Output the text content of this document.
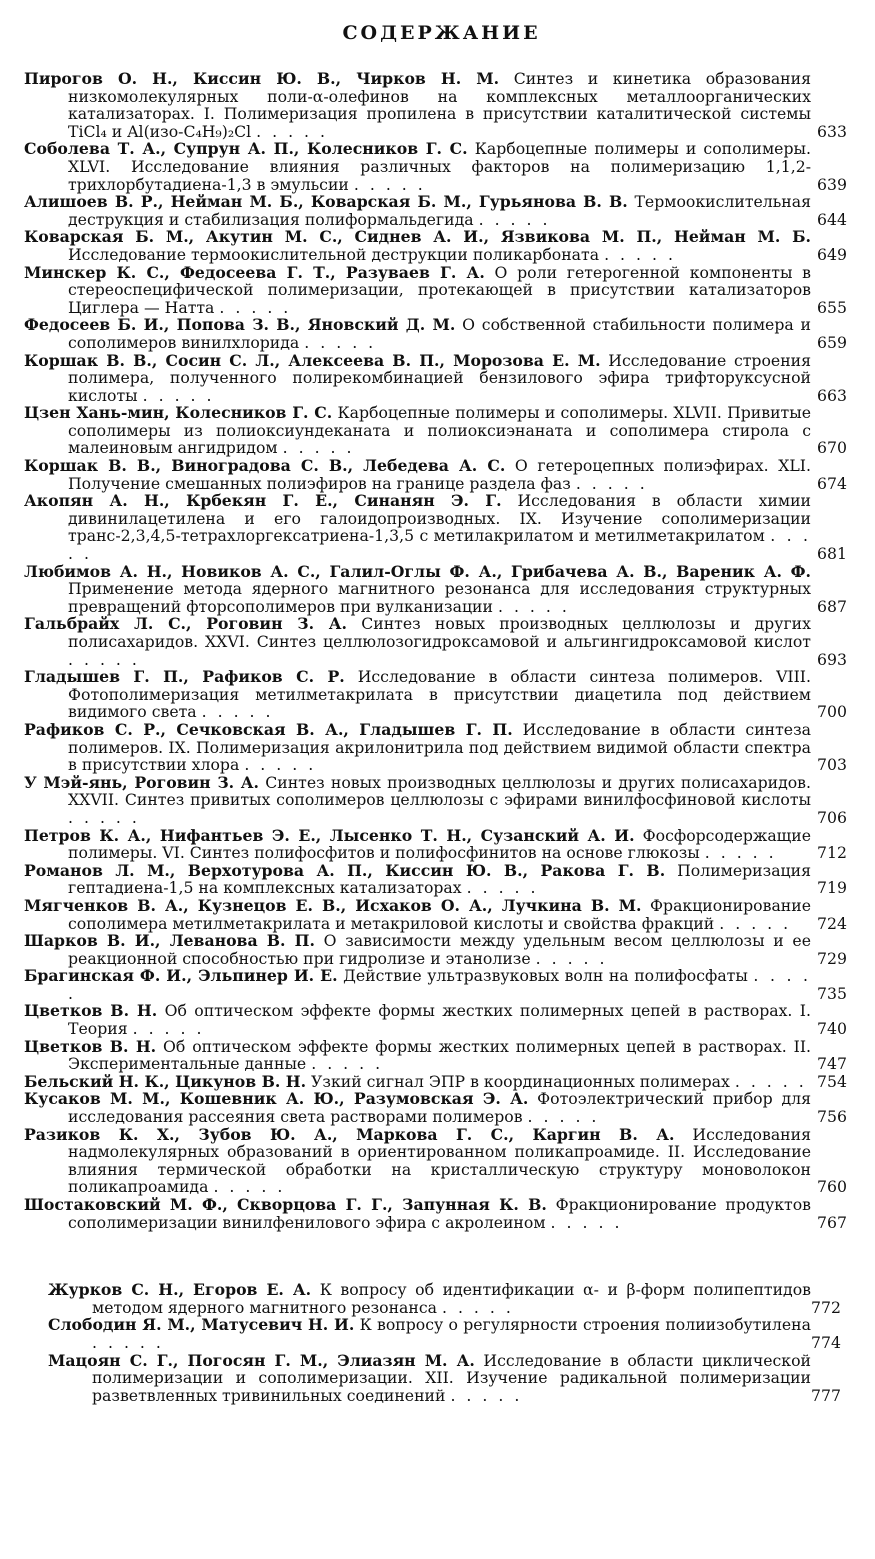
СОДЕРЖАНИЕ
Пирогов О. Н., Киссин Ю. В., Чирков Н. М. Синтез и кинетика образования низкомолекулярных поли-α-олефинов на комплексных металлоорганических катализаторах. I. Полимеризация пропилена в присутствии каталитической системы TiCl₄ и Al(изо-C₄H₉)₂Cl . . . . .	633
Соболева Т. А., Супрун А. П., Колесников Г. С. Карбоцепные полимеры и сополимеры. XLVI. Исследование влияния различных факторов на полимеризацию 1,1,2-трихлорбутадиена-1,3 в эмульсии . . . . .	639
Алишоев В. Р., Нейман М. Б., Коварская Б. М., Гурьянова В. В. Термоокислительная деструкция и стабилизация полиформальдегида . . . . .	644
Коварская Б. М., Акутин М. С., Сиднев А. И., Язвикова М. П., Нейман М. Б. Исследование термоокислительной деструкции поликарбоната . . . . .	649
Минскер К. С., Федосеева Г. Т., Разуваев Г. А. О роли гетерогенной компоненты в стереоспецифической полимеризации, протекающей в присутствии катализаторов Циглера — Натта . . . . .	655
Федосеев Б. И., Попова З. В., Яновский Д. М. О собственной стабильности полимера и сополимеров винилхлорида . . . . .	659
Коршак В. В., Сосин С. Л., Алексеева В. П., Морозова Е. М. Исследование строения полимера, полученного полирекомбинацией бензилового эфира трифторуксусной кислоты . . . . .	663
Цзен Хань-мин, Колесников Г. С. Карбоцепные полимеры и сополимеры. XLVII. Привитые сополимеры из полиоксиундеканата и полиоксиэнаната и сополимера стирола с малеиновым ангидридом . . . . .	670
Коршак В. В., Виноградова С. В., Лебедева А. С. О гетероцепных полиэфирах. XLI. Получение смешанных полиэфиров на границе раздела фаз . . . . .	674
Акопян А. Н., Крбекян Г. Е., Синанян Э. Г. Исследования в области химии дивинилацетилена и его галоидопроизводных. IX. Изучение сополимеризации транс-2,3,4,5-тетрахлоргексатриена-1,3,5 с метилакрилатом и метилметакрилатом . . . . .	681
Любимов А. Н., Новиков А. С., Галил-Оглы Ф. А., Грибачева А. В., Вареник А. Ф. Применение метода ядерного магнитного резонанса для исследования структурных превращений фторсополимеров при вулканизации . . . . .	687
Гальбрайх Л. С., Роговин З. А. Синтез новых производных целлюлозы и других полисахаридов. XXVI. Синтез целлюлозогидроксамовой и альгингидроксамовой кислот . . . . .	693
Гладышев Г. П., Рафиков С. Р. Исследование в области синтеза полимеров. VIII. Фотополимеризация метилметакрилата в присутствии диацетила под действием видимого света . . . . .	700
Рафиков С. Р., Сечковская В. А., Гладышев Г. П. Исследование в области синтеза полимеров. IX. Полимеризация акрилонитрила под действием видимой области спектра в присутствии хлора . . . . .	703
У Мэй-янь, Роговин З. А. Синтез новых производных целлюлозы и других полисахаридов. XXVII. Синтез привитых сополимеров целлюлозы с эфирами винилфосфиновой кислоты . . . . .	706
Петров К. А., Нифантьев Э. Е., Лысенко Т. Н., Сузанский А. И. Фосфорсодержащие полимеры. VI. Синтез полифосфитов и полифосфинитов на основе глюкозы . . . . .	712
Романов Л. М., Верхотурова А. П., Киссин Ю. В., Ракова Г. В. Полимеризация гептадиена-1,5 на комплексных катализаторах . . . . .	719
Мягченков В. А., Кузнецов Е. В., Исхаков О. А., Лучкина В. М. Фракционирование сополимера метилметакрилата и метакриловой кислоты и свойства фракций . . . . .	724
Шарков В. И., Леванова В. П. О зависимости между удельным весом целлюлозы и ее реакционной способностью при гидролизе и этанолизе . . . . .	729
Брагинская Ф. И., Эльпинер И. Е. Действие ультразвуковых волн на полифосфаты . . . . .	735
Цветков В. Н. Об оптическом эффекте формы жестких полимерных цепей в растворах. I. Теория . . . . .	740
Цветков В. Н. Об оптическом эффекте формы жестких полимерных цепей в растворах. II. Экспериментальные данные . . . . .	747
Бельский Н. К., Цикунов В. Н. Узкий сигнал ЭПР в координационных полимерах . . . . . 754
Кусаков М. М., Кошевник А. Ю., Разумовская Э. А. Фотоэлектрический прибор для исследования рассеяния света растворами полимеров . . . . .	756
Разиков К. Х., Зубов Ю. А., Маркова Г. С., Каргин В. А. Исследования надмолекулярных образований в ориентированном поликапроамиде. II. Исследование влияния термической обработки на кристаллическую структуру моноволокон поликапроамида . . . . .	760
Шостаковский М. Ф., Скворцова Г. Г., Запунная К. В. Фракционирование продуктов сополимеризации винилфенилового эфира с акролеином . . . . .	767
Журков С. Н., Егоров Е. А. К вопросу об идентификации α- и β-форм полипептидов методом ядерного магнитного резонанса . . . . .	772
Слободин Я. М., Матусевич Н. И. К вопросу о регулярности строения полиизобутилена . . . . .	774
Мацоян С. Г., Погосян Г. М., Элиазян М. А. Исследование в области циклической полимеризации и сополимеризации. XII. Изучение радикальной полимеризации разветвленных тривинильных соединений . . . . .	777
